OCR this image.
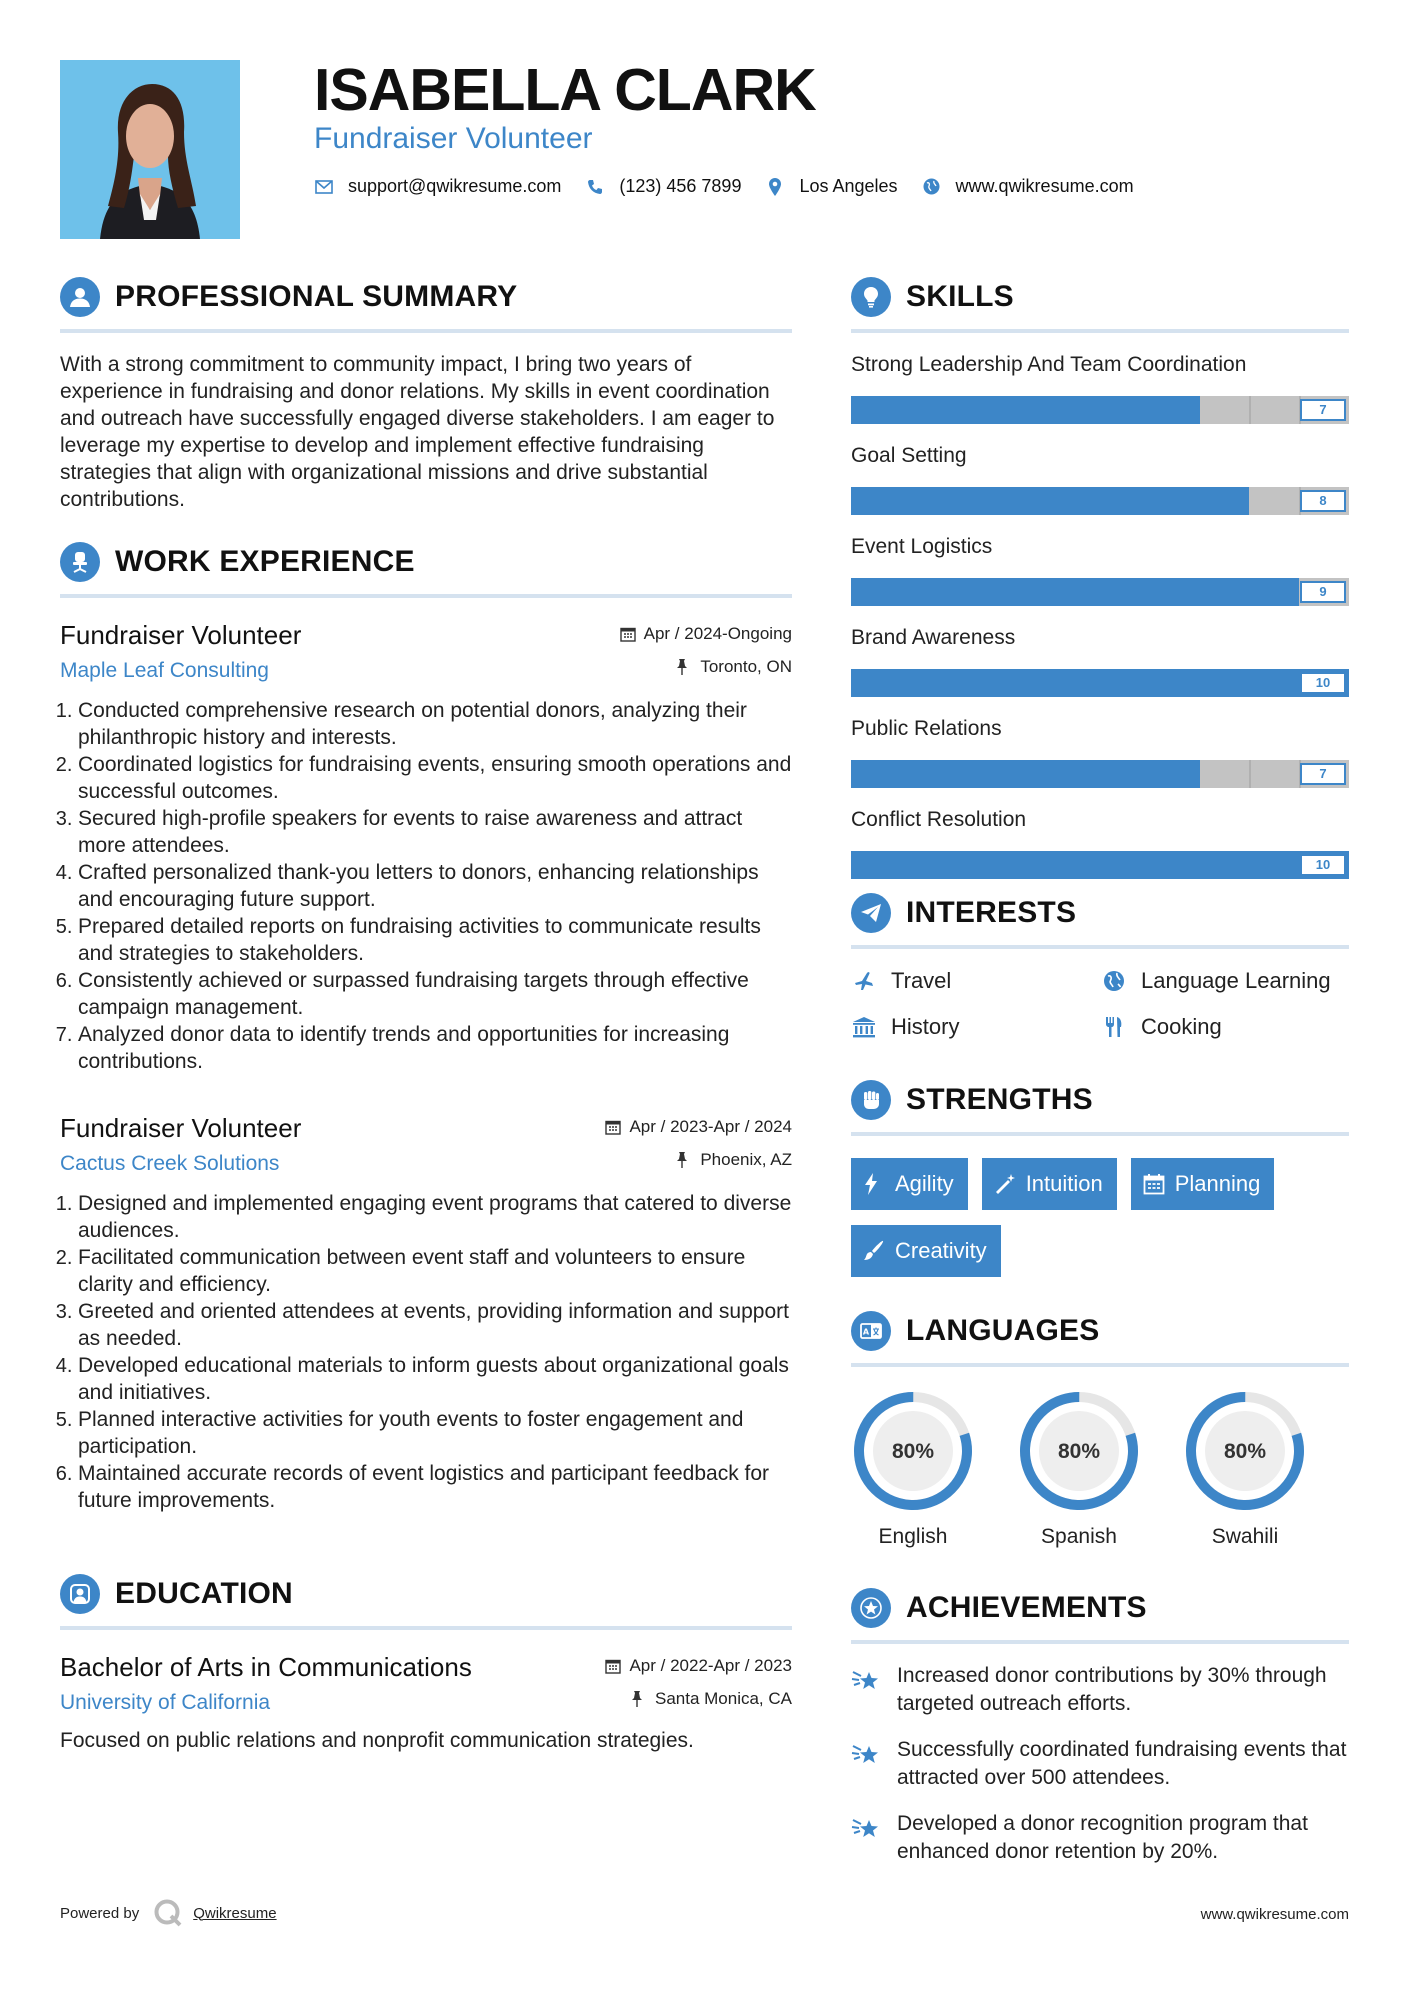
ISABELLA CLARK
Fundraiser Volunteer
support@qwikresume.com	(123) 456 7899	Los Angeles	www.qwikresume.com
PROFESSIONAL SUMMARY

With a strong commitment to community impact, I bring two years of experience in fundraising and donor relations. My skills in event coordination and outreach have successfully engaged diverse stakeholders. I am eager to leverage my expertise to develop and implement effective fundraising strategies that align with organizational missions and drive substantial contributions.

WORK EXPERIENCE
Fundraiser Volunteer
Maple Leaf Consulting
Apr / 2024-Ongoing
Toronto, ON
1. Conducted comprehensive research on potential donors, analyzing their philanthropic history and interests.
2. Coordinated logistics for fundraising events, ensuring smooth operations and successful outcomes.
3. Secured high-profile speakers for events to raise awareness and attract more attendees.
4. Crafted personalized thank-you letters to donors, enhancing relationships and encouraging future support.
5. Prepared detailed reports on fundraising activities to communicate results and strategies to stakeholders.
6. Consistently achieved or surpassed fundraising targets through effective campaign management.
7. Analyzed donor data to identify trends and opportunities for increasing contributions.
Fundraiser Volunteer
Cactus Creek Solutions
Apr / 2023-Apr / 2024
Phoenix, AZ
1. Designed and implemented engaging event programs that catered to diverse audiences.
2. Facilitated communication between event staff and volunteers to ensure clarity and efficiency.
3. Greeted and oriented attendees at events, providing information and support as needed.
4. Developed educational materials to inform guests about organizational goals and initiatives.
5. Planned interactive activities for youth events to foster engagement and participation.
6. Maintained accurate records of event logistics and participant feedback for future improvements.
EDUCATION
Bachelor of Arts in Communications
University of California
Apr / 2022-Apr / 2023
Santa Monica, CA

Focused on public relations and nonprofit communication strategies.

SKILLS
Strong Leadership And Team Coordination
7
Goal Setting
8
Event Logistics
9
Brand Awareness
10
Public Relations
7
Conflict Resolution
10
INTERESTS
Travel	Language Learning
History	Cooking
STRENGTHS
Agility	Intuition	Planning
Creativity
A LANGUAGES
80%
English
80%
Spanish
80%
Swahili
ACHIEVEMENTS
Increased donor contributions by 30% through targeted outreach efforts.
Successfully coordinated fundraising events that attracted over 500 attendees.
Developed a donor recognition program that enhanced donor retention by 20%.
Powered by	Qwikresume	www.qwikresume.com
